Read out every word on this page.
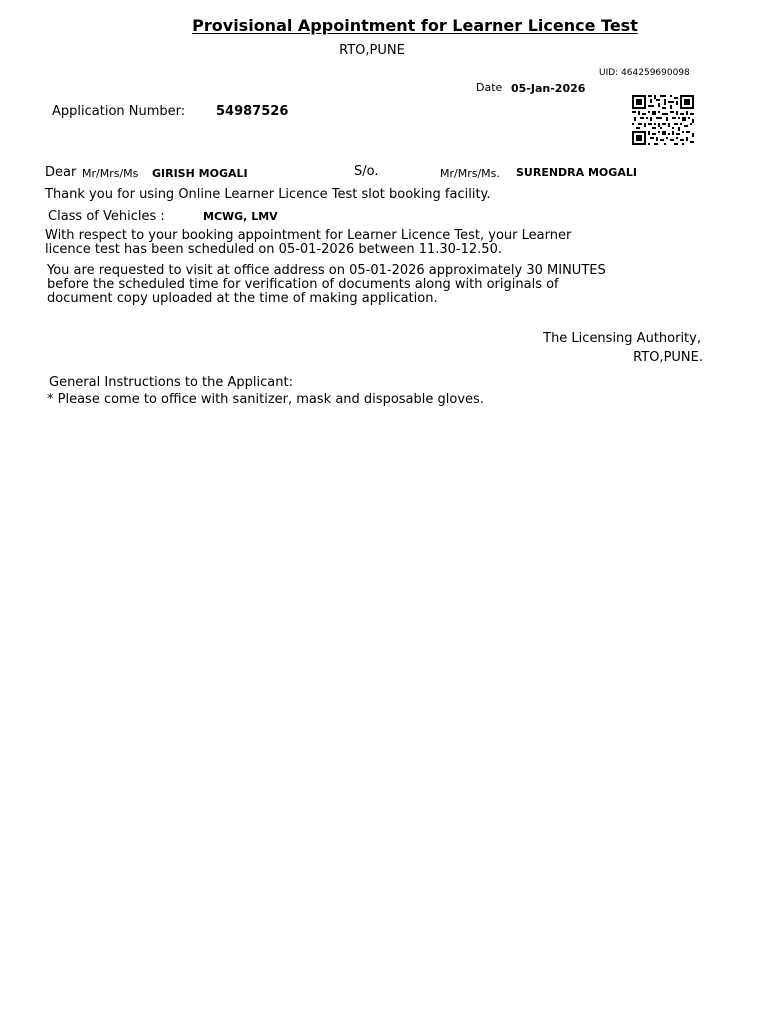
Provisional Appointment for Learner Licence Test
RTO,PUNE
UID: 464259690098
Date 05-Jan-2026
Application Number: 54987526
Dear Mr/Mrs/Ms GIRISH MOGALI	S/o.	Mr/Mrs/Ms. SURENDRA MOGALI
Thank you for using Online Learner Licence Test slot booking facility.
Class of Vehicles :	MCWG, LMV
With respect to your booking appointment for Learner Licence Test, your Learner
licence test has been scheduled on 05-01-2026 between 11.30-12.50.
You are requested to visit at office address on 05-01-2026 approximately 30 MINUTES
before the scheduled time for verification of documents along with originals of
document copy uploaded at the time of making application.
The Licensing Authority,
RTO,PUNE.
General Instructions to the Applicant:
* Please come to office with sanitizer, mask and disposable gloves.
